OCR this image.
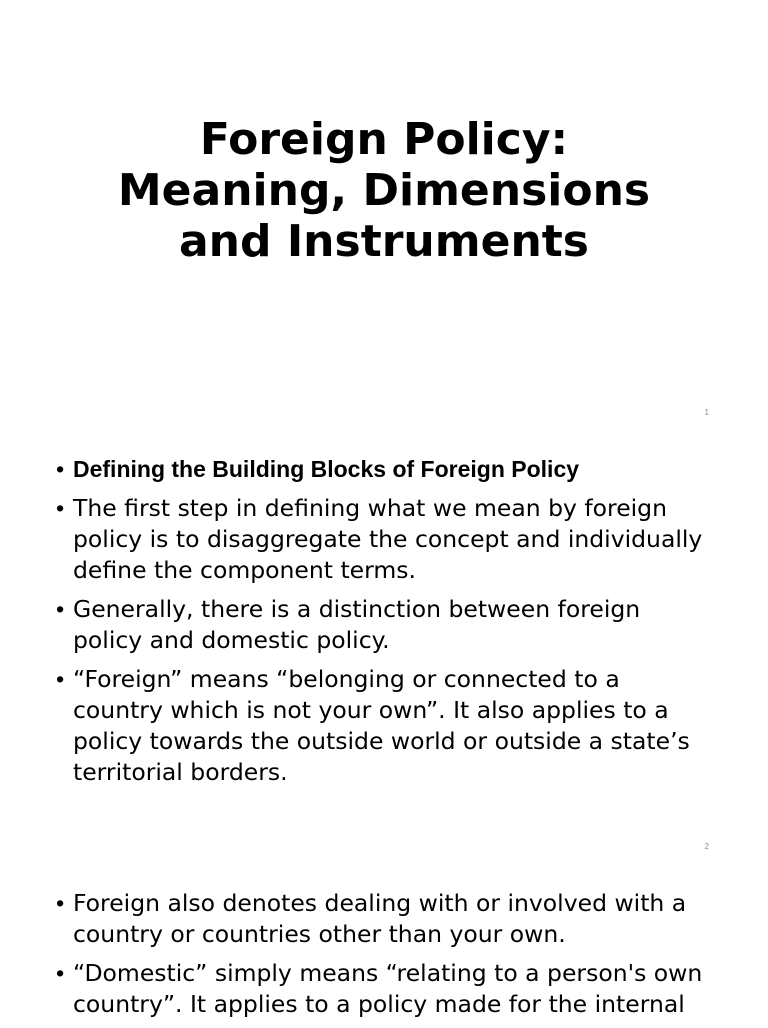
Foreign Policy:
Meaning, Dimensions
and Instruments
1
• Defining the Building Blocks of Foreign Policy
• The first step in defining what we mean by foreign policy is to disaggregate the concept and individually define the component terms.
• Generally, there is a distinction between foreign policy and domestic policy.
• “Foreign” means “belonging or connected to a country which is not your own”. It also applies to a policy towards the outside world or outside a state’s territorial borders.
2
• Foreign also denotes dealing with or involved with a country or countries other than your own.
• “Domestic” simply means “relating to a person's own country”. It applies to a policy made for the internal
